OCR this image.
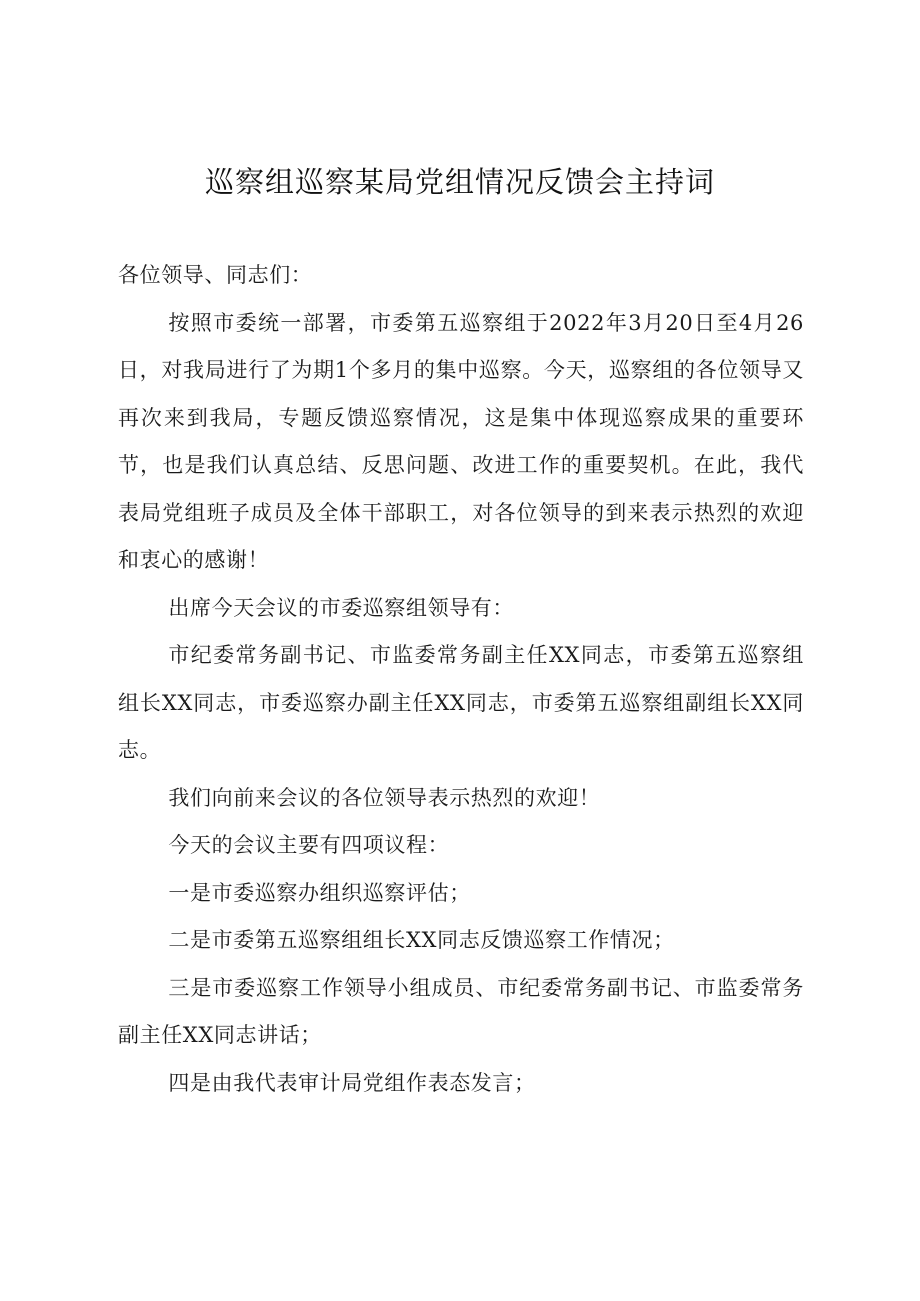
巡察组巡察某局党组情况反馈会主持词

各位领导、同志们：

按照市委统一部署，市委第五巡察组于2022年3月20日至4月26日，对我局进行了为期1个多月的集中巡察。今天，巡察组的各位领导又再次来到我局，专题反馈巡察情况，这是集中体现巡察成果的重要环节，也是我们认真总结、反思问题、改进工作的重要契机。在此，我代表局党组班子成员及全体干部职工，对各位领导的到来表示热烈的欢迎和衷心的感谢！

出席今天会议的市委巡察组领导有：

市纪委常务副书记、市监委常务副主任XX同志，市委第五巡察组组长XX同志，市委巡察办副主任XX同志，市委第五巡察组副组长XX同志。

我们向前来会议的各位领导表示热烈的欢迎！

今天的会议主要有四项议程：

一是市委巡察办组织巡察评估；

二是市委第五巡察组组长XX同志反馈巡察工作情况；

三是市委巡察工作领导小组成员、市纪委常务副书记、市监委常务副主任XX同志讲话；

四是由我代表审计局党组作表态发言；
